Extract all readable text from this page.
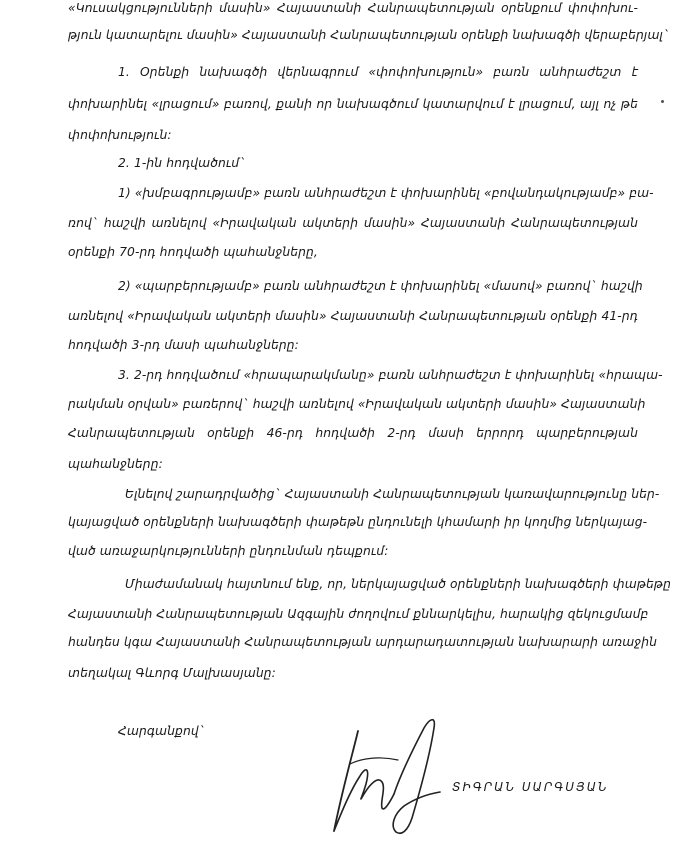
«Կուսակցությունների մասին» Հայաստանի Հանրապետության օրենքում փոփոխու-
թյուն կատարելու մասին» Հայաստանի Հանրապետության օրենքի նախագծի վերաբերյալ`
1. Օրենքի նախագծի վերնագրում «փոփոխություն» բառն անհրաժեշտ է
փոխարինել «լրացում» բառով, քանի որ նախագծում կատարվում է լրացում, այլ ոչ թե
փոփոխություն:
2. 1-ին հոդվածում`
1) «խմբագրությամբ» բառն անհրաժեշտ է փոխարինել «բովանդակությամբ» բա-
ռով` հաշվի առնելով «Իրավական ակտերի մասին» Հայաստանի Հանրապետության
օրենքի 70-րդ հոդվածի պահանջները,
2) «պարբերությամբ» բառն անհրաժեշտ է փոխարինել «մասով» բառով` հաշվի
առնելով «Իրավական ակտերի մասին» Հայաստանի Հանրապետության օրենքի 41-րդ
հոդվածի 3-րդ մասի պահանջները:
3. 2-րդ հոդվածում «հրապարակմանը» բառն անհրաժեշտ է փոխարինել «հրապա-
րակման օրվան» բառերով` հաշվի առնելով «Իրավական ակտերի մասին» Հայաստանի
Հանրապետության օրենքի 46-րդ հոդվածի 2-րդ մասի երրորդ պարբերության
պահանջները:
Ելնելով շարադրվածից` Հայաստանի Հանրապետության կառավարությունը ներ-
կայացված օրենքների նախագծերի փաթեթն ընդունելի կհամարի իր կողմից ներկայաց-
ված առաջարկությունների ընդունման դեպքում:
Միաժամանակ հայտնում ենք, որ, ներկայացված օրենքների նախագծերի փաթեթը
Հայաստանի Հանրապետության Ազգային ժողովում քննարկելիս, հարակից զեկուցմամբ
հանդես կգա Հայաստանի Հանրապետության արդարադատության նախարարի առաջին
տեղակալ Գևորգ Մալխասյանը:
Հարգանքով`
ՏԻԳՐԱՆ ՍԱՐԳՍՅԱՆ
